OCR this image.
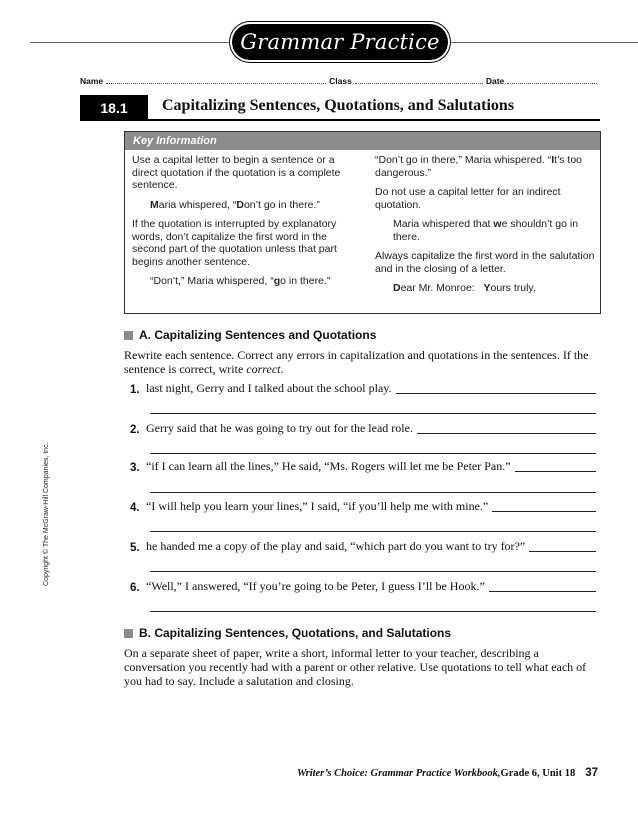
Grammar Practice
Name	Class	Date
18.1	Capitalizing Sentences, Quotations, and Salutations
Key Information

Use a capital letter to begin a sentence or a direct quotation if the quotation is a complete sentence.

Maria whispered, “Don’t go in there.”

If the quotation is interrupted by explanatory words, don’t capitalize the first word in the second part of the quotation unless that part begins another sentence.

“Don’t,” Maria whispered, “go in there.”

“Don’t go in there,” Maria whispered. “It’s too dangerous.”

Do not use a capital letter for an indirect quotation.

Maria whispered that we shouldn’t go in there.

Always capitalize the first word in the salutation and in the closing of a letter.

Dear Mr. Monroe: Yours truly,

A. Capitalizing Sentences and Quotations
Rewrite each sentence. Correct any errors in capitalization and quotations in the sentences. If the sentence is correct, write correct.
1. last night, Gerry and I talked about the school play.
2. Gerry said that he was going to try out for the lead role.
3. “if I can learn all the lines,” He said, “Ms. Rogers will let me be Peter Pan.”
4. “I will help you learn your lines,” I said, “if you’ll help me with mine.”
5. he handed me a copy of the play and said, “which part do you want to try for?”
6. “Well,” I answered, “If you’re going to be Peter, I guess I’ll be Hook.”
B. Capitalizing Sentences, Quotations, and Salutations
On a separate sheet of paper, write a short, informal letter to your teacher, describing a conversation you recently had with a parent or other relative. Use quotations to tell what each of you had to say. Include a salutation and closing.
Copyright © The McGraw-Hill Companies, Inc.
Writer’s Choice: Grammar Practice Workbook, Grade 6, Unit 18 37
